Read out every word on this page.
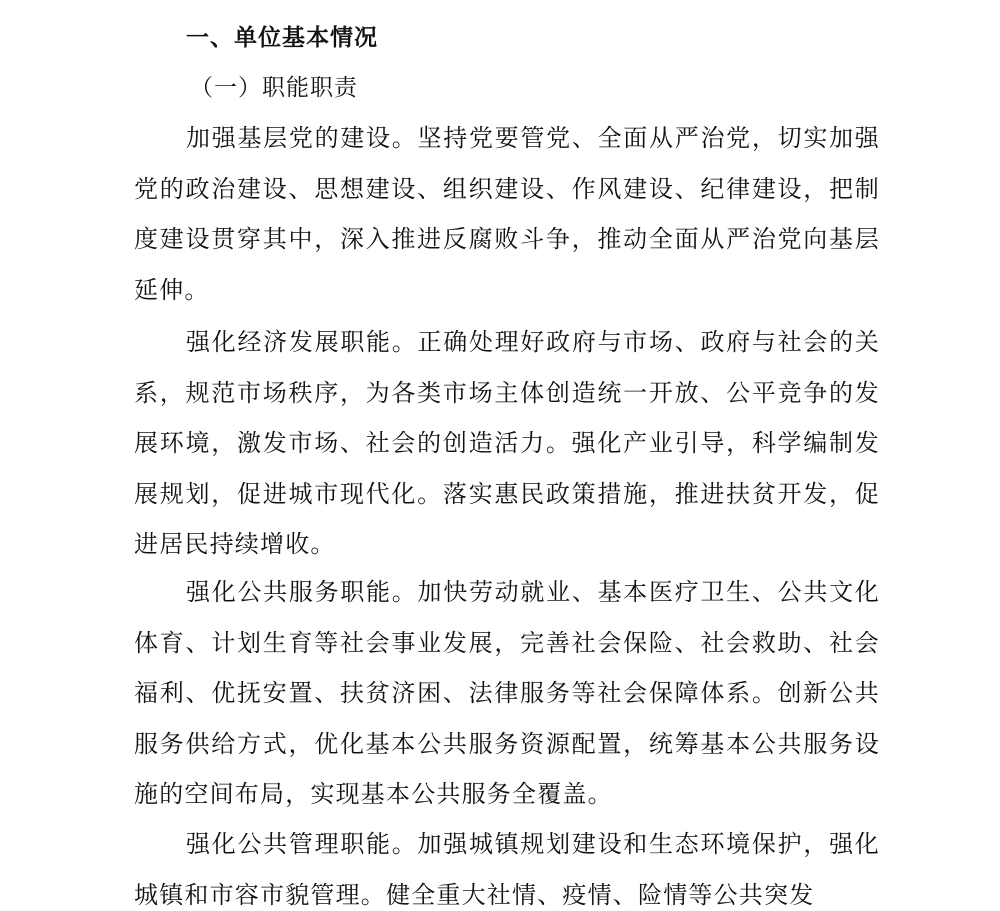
一、单位基本情况
（一）职能职责

加强基层党的建设。坚持党要管党、全面从严治党，切实加强党的政治建设、思想建设、组织建设、作风建设、纪律建设，把制度建设贯穿其中，深入推进反腐败斗争，推动全面从严治党向基层延伸。

强化经济发展职能。正确处理好政府与市场、政府与社会的关系，规范市场秩序，为各类市场主体创造统一开放、公平竞争的发展环境，激发市场、社会的创造活力。强化产业引导，科学编制发展规划，促进城市现代化。落实惠民政策措施，推进扶贫开发，促进居民持续增收。

强化公共服务职能。加快劳动就业、基本医疗卫生、公共文化体育、计划生育等社会事业发展，完善社会保险、社会救助、社会福利、优抚安置、扶贫济困、法律服务等社会保障体系。创新公共服务供给方式，优化基本公共服务资源配置，统筹基本公共服务设施的空间布局，实现基本公共服务全覆盖。

强化公共管理职能。加强城镇规划建设和生态环境保护，强化城镇和市容市貌管理。健全重大社情、疫情、险情等公共突发
